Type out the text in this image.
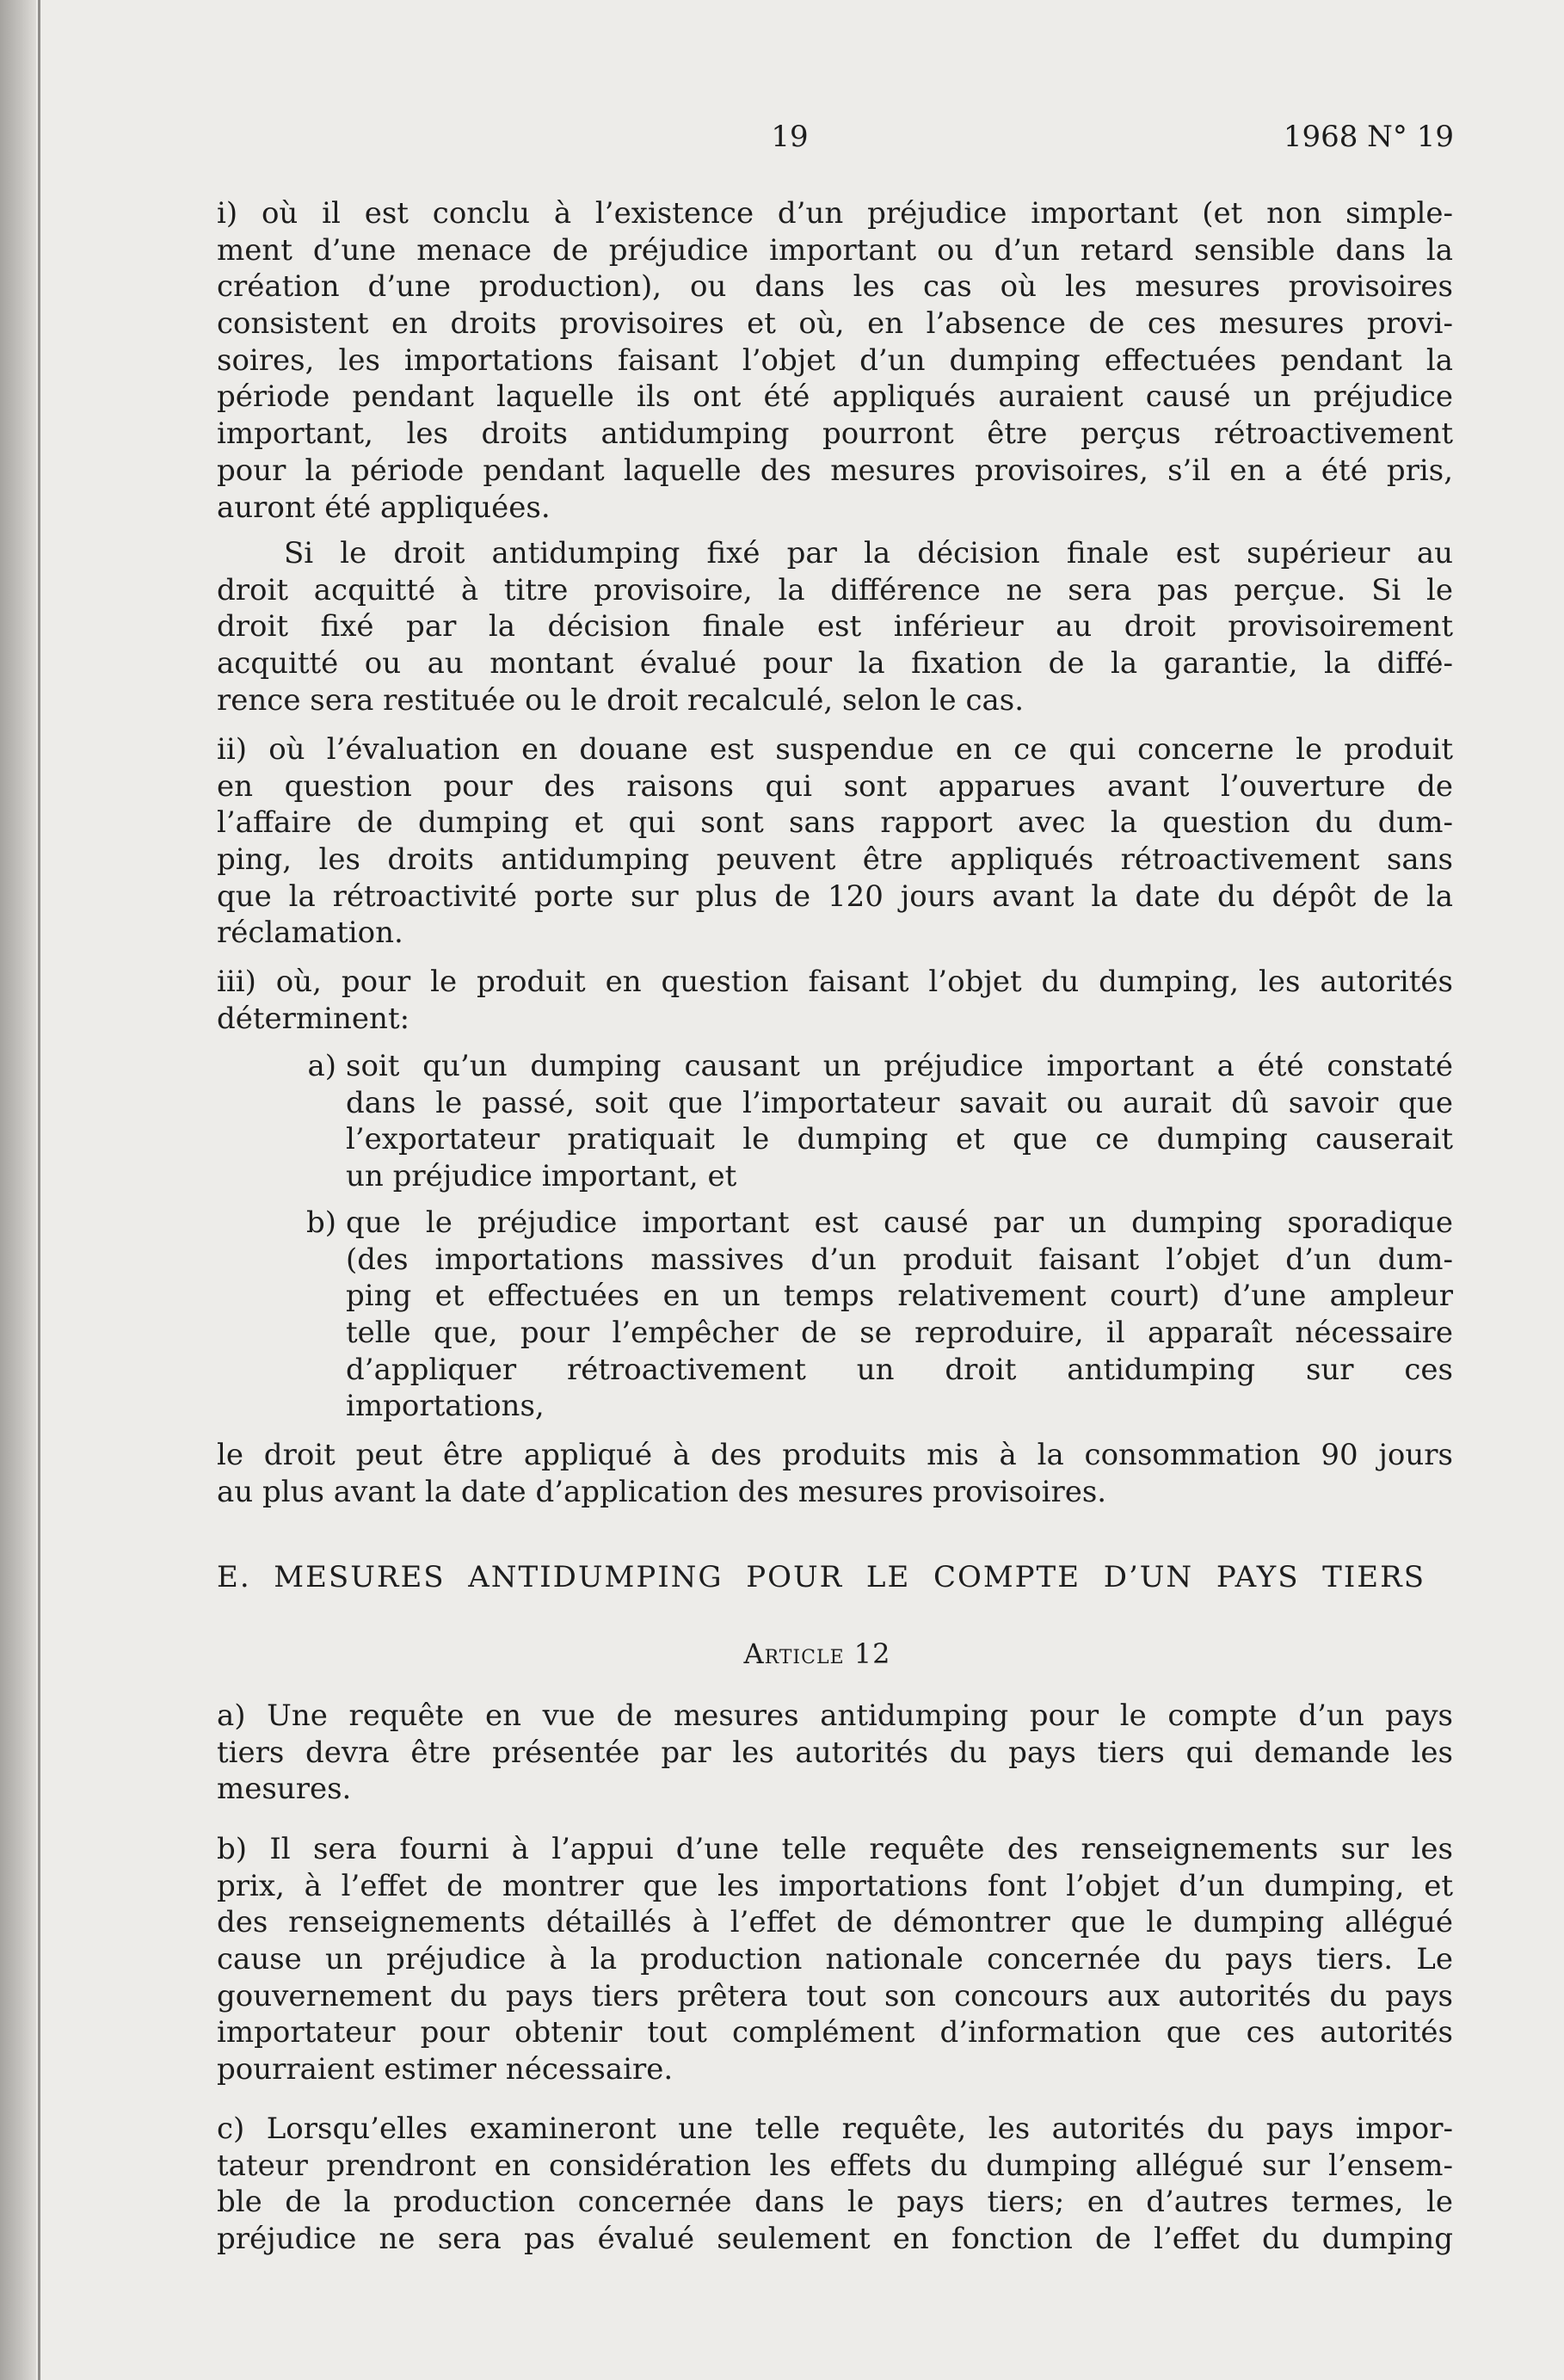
19	1968 N° 19
i) où il est conclu à l’existence d’un préjudice important (et non simple-
ment d’une menace de préjudice important ou d’un retard sensible dans la
création d’une production), ou dans les cas où les mesures provisoires
consistent en droits provisoires et où, en l’absence de ces mesures provi-
soires, les importations faisant l’objet d’un dumping effectuées pendant la
période pendant laquelle ils ont été appliqués auraient causé un préjudice
important, les droits antidumping pourront être perçus rétroactivement
pour la période pendant laquelle des mesures provisoires, s’il en a été pris,
auront été appliquées.
Si le droit antidumping fixé par la décision finale est supérieur au
droit acquitté à titre provisoire, la différence ne sera pas perçue. Si le
droit fixé par la décision finale est inférieur au droit provisoirement
acquitté ou au montant évalué pour la fixation de la garantie, la diffé-
rence sera restituée ou le droit recalculé, selon le cas.
ii) où l’évaluation en douane est suspendue en ce qui concerne le produit
en question pour des raisons qui sont apparues avant l’ouverture de
l’affaire de dumping et qui sont sans rapport avec la question du dum-
ping, les droits antidumping peuvent être appliqués rétroactivement sans
que la rétroactivité porte sur plus de 120 jours avant la date du dépôt de la
réclamation.
iii) où, pour le produit en question faisant l’objet du dumping, les autorités
déterminent:
a) soit qu’un dumping causant un préjudice important a été constaté
dans le passé, soit que l’importateur savait ou aurait dû savoir que
l’exportateur pratiquait le dumping et que ce dumping causerait
un préjudice important, et
b) que le préjudice important est causé par un dumping sporadique
(des importations massives d’un produit faisant l’objet d’un dum-
ping et effectuées en un temps relativement court) d’une ampleur
telle que, pour l’empêcher de se reproduire, il apparaît nécessaire
d’appliquer rétroactivement un droit antidumping sur ces
importations,
le droit peut être appliqué à des produits mis à la consommation 90 jours
au plus avant la date d’application des mesures provisoires.
E. MESURES ANTIDUMPING POUR LE COMPTE D’UN PAYS TIERS
Article 12
a) Une requête en vue de mesures antidumping pour le compte d’un pays
tiers devra être présentée par les autorités du pays tiers qui demande les
mesures.
b) Il sera fourni à l’appui d’une telle requête des renseignements sur les
prix, à l’effet de montrer que les importations font l’objet d’un dumping, et
des renseignements détaillés à l’effet de démontrer que le dumping allégué
cause un préjudice à la production nationale concernée du pays tiers. Le
gouvernement du pays tiers prêtera tout son concours aux autorités du pays
importateur pour obtenir tout complément d’information que ces autorités
pourraient estimer nécessaire.
c) Lorsqu’elles examineront une telle requête, les autorités du pays impor-
tateur prendront en considération les effets du dumping allégué sur l’ensem-
ble de la production concernée dans le pays tiers; en d’autres termes, le
préjudice ne sera pas évalué seulement en fonction de l’effet du dumping
